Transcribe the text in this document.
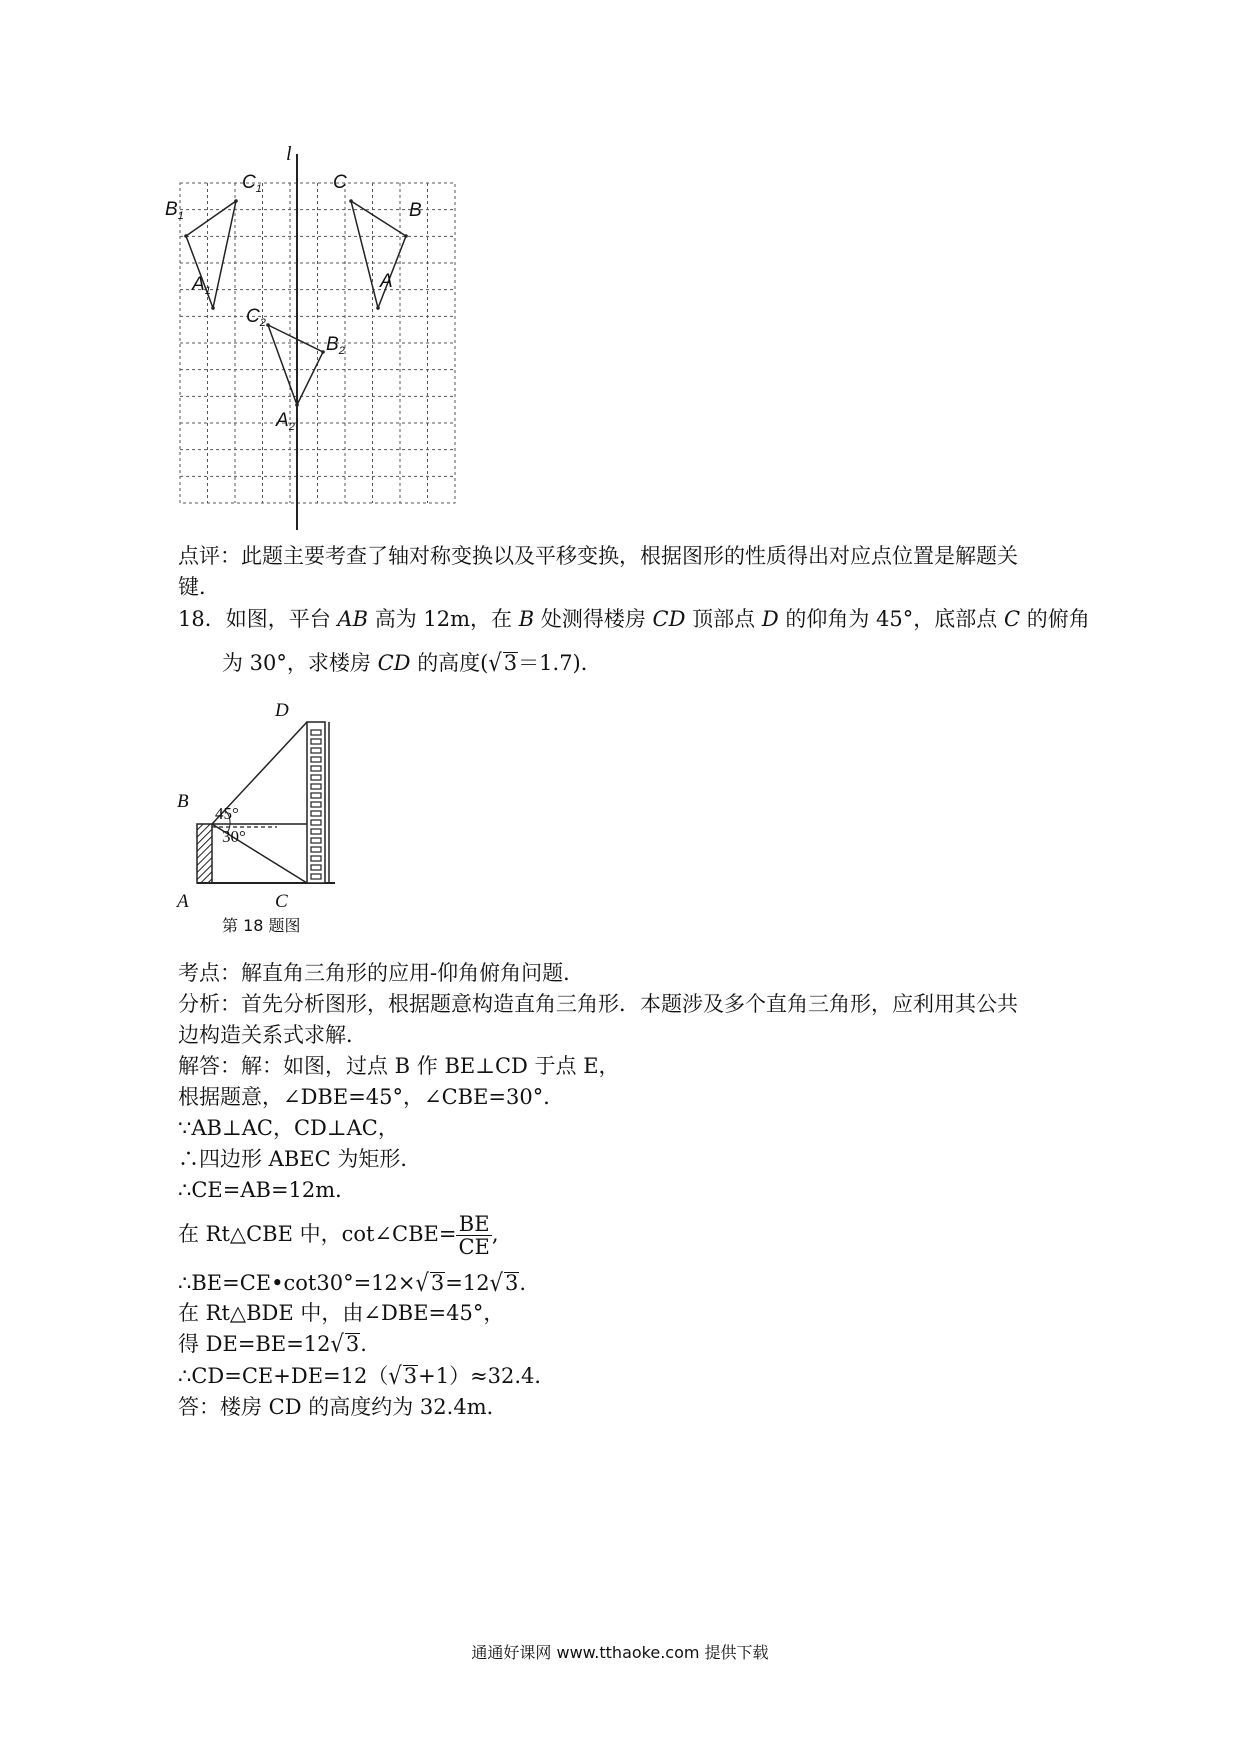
l
$C_1$
$B_1$
$A_1$
C
B
A
$C_2$
$B_2$
$A_2$
点评：此题主要考查了轴对称变换以及平移变换，根据图形的性质得出对应点位置是解题关
键．
18．如图，平台 AB 高为 12m，在 B 处测得楼房 CD 顶部点 D 的仰角为 45°，底部点 C 的俯角
为 30°，求楼房 CD 的高度(√3＝1.7)．
D
B
A	C
45°
30°
第 18 题图
考点：解直角三角形的应用-仰角俯角问题．
分析：首先分析图形，根据题意构造直角三角形．本题涉及多个直角三角形，应利用其公共
边构造关系式求解．
解答：解：如图，过点 B 作 BE⊥CD 于点 E，
根据题意，∠DBE=45°，∠CBE=30°．
∵AB⊥AC，CD⊥AC，
∴四边形 ABEC 为矩形．
∴CE=AB=12m．
在 Rt△CBE 中，cot∠CBE= $\frac{BE}{CE}$ ,
∴BE=CE•cot30°=12×√3=12√3.
在 Rt△BDE 中，由∠DBE=45°，
得 DE=BE=12√3.
∴CD=CE+DE=12（√3+1）≈32.4．
答：楼房 CD 的高度约为 32.4m．
通通好课网 www.tthaoke.com 提供下载
